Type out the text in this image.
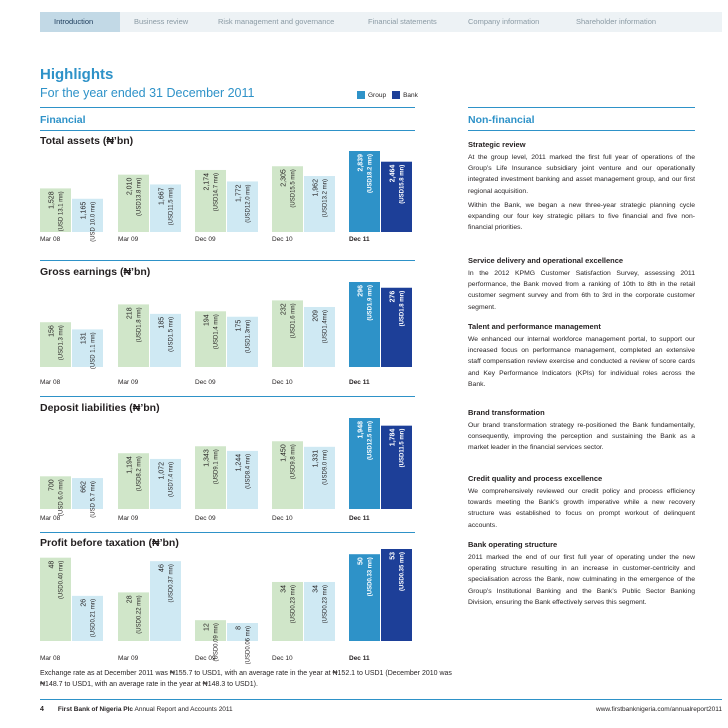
Introduction	Business review	Risk management and governance	Financial statements	Company information	Shareholder information
Highlights
For the year ended 31 December 2011	Group	Bank
Financial	Non-financial
Total assets (₦’bn)
1,528 (USD 13.1 mn) 1,165 (USD 10.0 mn)
2,010 (USD13.8 mn) 1,667 (USD11.5 mn)
2,174 (USD14.7 mn) 1,772 (USD12.0 mn)
2,305 (USD15.5 mn) 1,962 (USD13.2 mn)
2,839 (USD18.2 mn) 2,464 (USD15.8 mn)
Mar 08	Mar 09	Dec 09	Dec 10	Dec 11
Gross earnings (₦’bn)
156 (USD1.3 mn) 131 (USD 1.1 mn)
218 (USD1.8 mn) 185 (USD1.5 mn)	194 (USD1.4 mn) 175 (USD1.3mn)
232 (USD1.6 mn) 209 (USD1.4mn)
296 (USD1.9 mn) 276 (USD1.8 mn)
Mar 08	Mar 09	Dec 09	Dec 10	Dec 11
Deposit liabilities (₦’bn)
700 (USD 6.0 mn) 662 (USD 5.7 mn)
1,194 (USD8.2 mn) 1,072 (USD7.4 mn)
1,343 (USD9.1 mn) 1,244 (USD8.4 mn)
1,450 (USD9.8 mn) 1,331 (USD9.0 mn)
1,948 (USD12.5 mn) 1,784 (USD11.5 mn)
Mar 08	Mar 09	Dec 09	Dec 10	Dec 11
Profit before taxation (₦’bn)
48 (USD0.40 mn)
26 (USD0.21 mn)	28 (USD0.22 mn)
46 (USD0.37 mn)
12 (USD0.09 mn) 8 (USD0.06 mn)
34 (USD0.23 mn) 34 (USD0.23 mn)
50 (USD0.33 mn)
53 (USD0.35 mn)
Mar 08	Mar 09	Dec 09	Dec 10	Dec 11
Strategic review

At the group level, 2011 marked the first full year of operations of the Group’s Life Insurance subsidiary joint venture and our operationally integrated investment banking and asset management group, and our first regional acquisition.

Within the Bank, we began a new three-year strategic planning cycle expanding our four key strategic pillars to five financial and five non-financial priorities.

Service delivery and operational excellence

In the 2012 KPMG Customer Satisfaction Survey, assessing 2011 performance, the Bank moved from a ranking of 10th to 8th in the retail customer segment survey and from 6th to 3rd in the corporate customer segment.

Talent and performance management

We enhanced our internal workforce management portal, to support our increased focus on performance management, completed an extensive staff compensation review exercise and conducted a review of score cards and Key Performance Indicators (KPIs) for individual roles across the Bank.

Brand transformation

Our brand transformation strategy re-positioned the Bank fundamentally, consequently, improving the perception and sustaining the Bank as a market leader in the financial services sector.

Credit quality and process excellence

We comprehensively reviewed our credit policy and process efficiency towards meeting the Bank’s growth imperative while a new recovery structure was established to focus on prompt workout of delinquent accounts.

Bank operating structure

2011 marked the end of our first full year of operating under the new operating structure resulting in an increase in customer-centricity and specialisation across the Bank, now culminating in the emergence of the Group’s Institutional Banking and the Bank’s Public Sector Banking Division, ensuring the Bank effectively serves this segment.

Exchange rate as at December 2011 was ₦155.7 to USD1, with an average rate in the year at ₦152.1 to USD1 (December 2010 was ₦148.7 to USD1, with an average rate in the year at ₦148.3 to USD1).
4 First Bank of Nigeria Plc Annual Report and Accounts 2011	www.firstbanknigeria.com/annualreport2011
